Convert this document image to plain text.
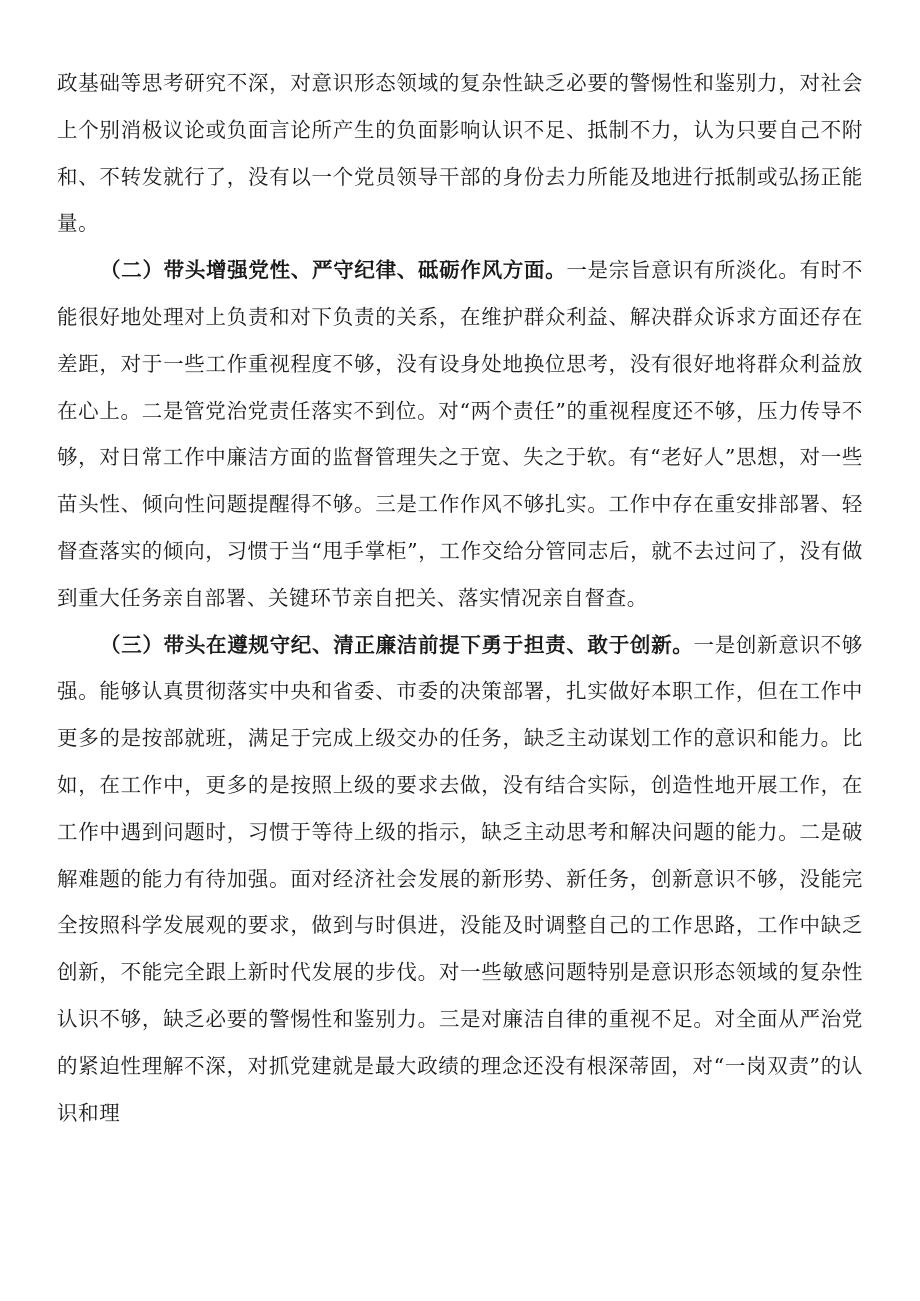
政基础等思考研究不深，对意识形态领域的复杂性缺乏必要的警惕性和鉴别力，对社会上个别消极议论或负面言论所产生的负面影响认识不足、抵制不力，认为只要自己不附和、不转发就行了，没有以一个党员领导干部的身份去力所能及地进行抵制或弘扬正能量。

（二）带头增强党性、严守纪律、砥砺作风方面。一是宗旨意识有所淡化。有时不能很好地处理对上负责和对下负责的关系，在维护群众利益、解决群众诉求方面还存在差距，对于一些工作重视程度不够，没有设身处地换位思考，没有很好地将群众利益放在心上。二是管党治党责任落实不到位。对“两个责任”的重视程度还不够，压力传导不够，对日常工作中廉洁方面的监督管理失之于宽、失之于软。有“老好人”思想，对一些苗头性、倾向性问题提醒得不够。三是工作作风不够扎实。工作中存在重安排部署、轻督查落实的倾向，习惯于当“甩手掌柜”，工作交给分管同志后，就不去过问了，没有做到重大任务亲自部署、关键环节亲自把关、落实情况亲自督查。

（三）带头在遵规守纪、清正廉洁前提下勇于担责、敢于创新。一是创新意识不够强。能够认真贯彻落实中央和省委、市委的决策部署，扎实做好本职工作，但在工作中更多的是按部就班，满足于完成上级交办的任务，缺乏主动谋划工作的意识和能力。比如，在工作中，更多的是按照上级的要求去做，没有结合实际，创造性地开展工作，在工作中遇到问题时，习惯于等待上级的指示，缺乏主动思考和解决问题的能力。二是破解难题的能力有待加强。面对经济社会发展的新形势、新任务，创新意识不够，没能完全按照科学发展观的要求，做到与时俱进，没能及时调整自己的工作思路，工作中缺乏创新，不能完全跟上新时代发展的步伐。对一些敏感问题特别是意识形态领域的复杂性认识不够，缺乏必要的警惕性和鉴别力。三是对廉洁自律的重视不足。对全面从严治党的紧迫性理解不深，对抓党建就是最大政绩的理念还没有根深蒂固，对“一岗双责”的认识和理
